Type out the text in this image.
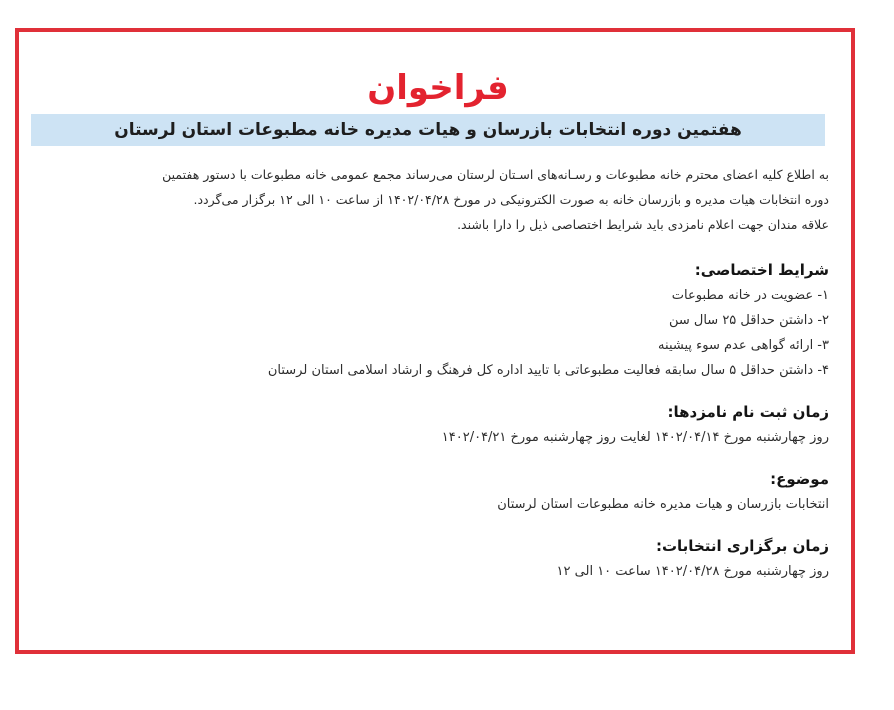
فراخوان
هفتمین دوره انتخابات بازرسان و هیات مدیره خانه مطبوعات استان لرستان

به اطلاع کلیه اعضای محترم خانه مطبوعات و رسـانه‌های اسـتان لرستان می‌رساند مجمع عمومی خانه مطبوعات با دستور هفتمین

دوره انتخابات هیات مدیره و بازرسان خانه به صورت الکترونیکی در مورخ ۱۴۰۲/۰۴/۲۸ از ساعت ۱۰ الی ۱۲ برگزار می‌گردد.

علاقه مندان جهت اعلام نامزدی باید شرایط اختصاصی ذیل را دارا باشند.

شرایط اختصاصی:
۱- عضویت در خانه مطبوعات
۲- داشتن حداقل ۲۵ سال سن
۳- ارائه گواهی عدم سوء پیشینه
۴- داشتن حداقل ۵ سال سابقه فعالیت مطبوعاتی با تایید اداره کل فرهنگ و ارشاد اسلامی استان لرستان
زمان ثبت نام نامزدها:
روز چهارشنبه مورخ ۱۴۰۲/۰۴/۱۴ لغایت روز چهارشنبه مورخ ۱۴۰۲/۰۴/۲۱
موضوع:
انتخابات بازرسان و هیات مدیره خانه مطبوعات استان لرستان
زمان برگزاری انتخابات:
روز چهارشنبه مورخ ۱۴۰۲/۰۴/۲۸ ساعت ۱۰ الی ۱۲
